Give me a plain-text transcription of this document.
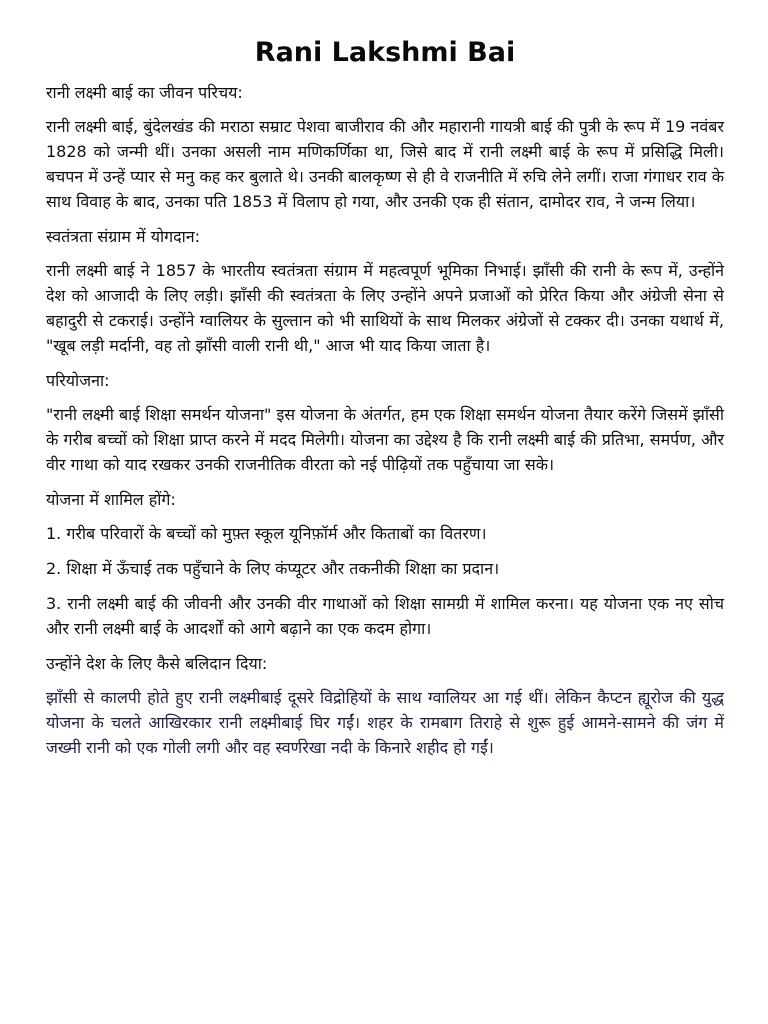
Rani Lakshmi Bai
रानी लक्ष्मी बाई का जीवन परिचय:

रानी लक्ष्मी बाई, बुंदेलखंड की मराठा सम्राट पेशवा बाजीराव की और महारानी गायत्री बाई की पुत्री के रूप में 19 नवंबर 1828 को जन्मी थीं। उनका असली नाम मणिकर्णिका था, जिसे बाद में रानी लक्ष्मी बाई के रूप में प्रसिद्धि मिली। बचपन में उन्हें प्यार से मनु कह कर बुलाते थे। उनकी बालकृष्ण से ही वे राजनीति में रुचि लेने लगीं। राजा गंगाधर राव के साथ विवाह के बाद, उनका पति 1853 में विलाप हो गया, और उनकी एक ही संतान, दामोदर राव, ने जन्म लिया।

स्वतंत्रता संग्राम में योगदान:

रानी लक्ष्मी बाई ने 1857 के भारतीय स्वतंत्रता संग्राम में महत्वपूर्ण भूमिका निभाई। झाँसी की रानी के रूप में, उन्होंने देश को आजादी के लिए लड़ी। झाँसी की स्वतंत्रता के लिए उन्होंने अपने प्रजाओं को प्रेरित किया और अंग्रेजी सेना से बहादुरी से टकराई। उन्होंने ग्वालियर के सुल्तान को भी साथियों के साथ मिलकर अंग्रेजों से टक्कर दी। उनका यथार्थ में, "खूब लड़ी मर्दानी, वह तो झाँसी वाली रानी थी," आज भी याद किया जाता है।

परियोजना:

"रानी लक्ष्मी बाई शिक्षा समर्थन योजना" इस योजना के अंतर्गत, हम एक शिक्षा समर्थन योजना तैयार करेंगे जिसमें झाँसी के गरीब बच्चों को शिक्षा प्राप्त करने में मदद मिलेगी। योजना का उद्देश्य है कि रानी लक्ष्मी बाई की प्रतिभा, समर्पण, और वीर गाथा को याद रखकर उनकी राजनीतिक वीरता को नई पीढ़ियों तक पहुँचाया जा सके।

योजना में शामिल होंगे:

1. गरीब परिवारों के बच्चों को मुफ़्त स्कूल यूनिफ़ॉर्म और किताबों का वितरण।

2. शिक्षा में ऊँचाई तक पहुँचाने के लिए कंप्यूटर और तकनीकी शिक्षा का प्रदान।

3. रानी लक्ष्मी बाई की जीवनी और उनकी वीर गाथाओं को शिक्षा सामग्री में शामिल करना। यह योजना एक नए सोच और रानी लक्ष्मी बाई के आदर्शों को आगे बढ़ाने का एक कदम होगा।

उन्होंने देश के लिए कैसे बलिदान दिया:

झाँसी से कालपी होते हुए रानी लक्ष्मीबाई दूसरे विद्रोहियों के साथ ग्वालियर आ गई थीं। लेकिन कैप्टन ह्यूरोज की युद्ध योजना के चलते आखिरकार रानी लक्ष्मीबाई घिर गईं। शहर के रामबाग तिराहे से शुरू हुई आमने-सामने की जंग में जख्मी रानी को एक गोली लगी और वह स्वर्णरेखा नदी के किनारे शहीद हो गईं।
